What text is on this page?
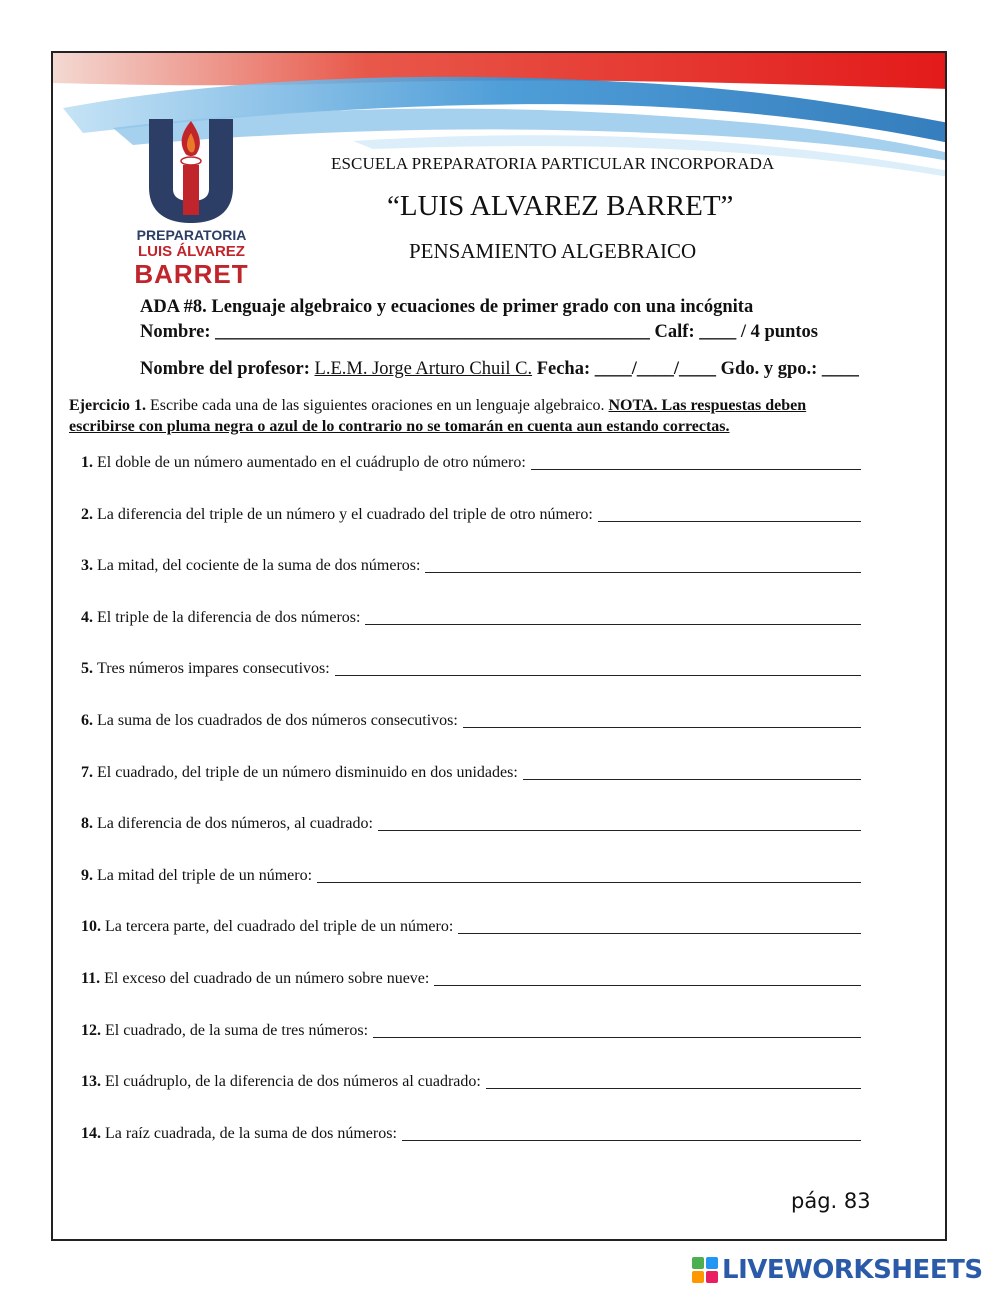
PREPARATORIA
LUIS ÁLVAREZ
BARRET
ESCUELA PREPARATORIA PARTICULAR INCORPORADA
“LUIS ALVAREZ BARRET”
PENSAMIENTO ALGEBRAICO
ADA #8. Lenguaje algebraico y ecuaciones de primer grado con una incógnita
Nombre: _______________________________________________ Calf: ____ / 4 puntos
Nombre del profesor: L.E.M. Jorge Arturo Chuil C. Fecha: ____/____/____ Gdo. y gpo.: ____
Ejercicio 1. Escribe cada una de las siguientes oraciones en un lenguaje algebraico. NOTA. Las respuestas deben escribirse con pluma negra o azul de lo contrario no se tomarán en cuenta aun estando correctas.
1. El doble de un número aumentado en el cuádruplo de otro número:
2. La diferencia del triple de un número y el cuadrado del triple de otro número:
3. La mitad, del cociente de la suma de dos números:
4. El triple de la diferencia de dos números:
5. Tres números impares consecutivos:
6. La suma de los cuadrados de dos números consecutivos:
7. El cuadrado, del triple de un número disminuido en dos unidades:
8. La diferencia de dos números, al cuadrado:
9. La mitad del triple de un número:
10. La tercera parte, del cuadrado del triple de un número:
11. El exceso del cuadrado de un número sobre nueve:
12. El cuadrado, de la suma de tres números:
13. El cuádruplo, de la diferencia de dos números al cuadrado:
14. La raíz cuadrada, de la suma de dos números:
pág. 83
LIVEWORKSHEETS
